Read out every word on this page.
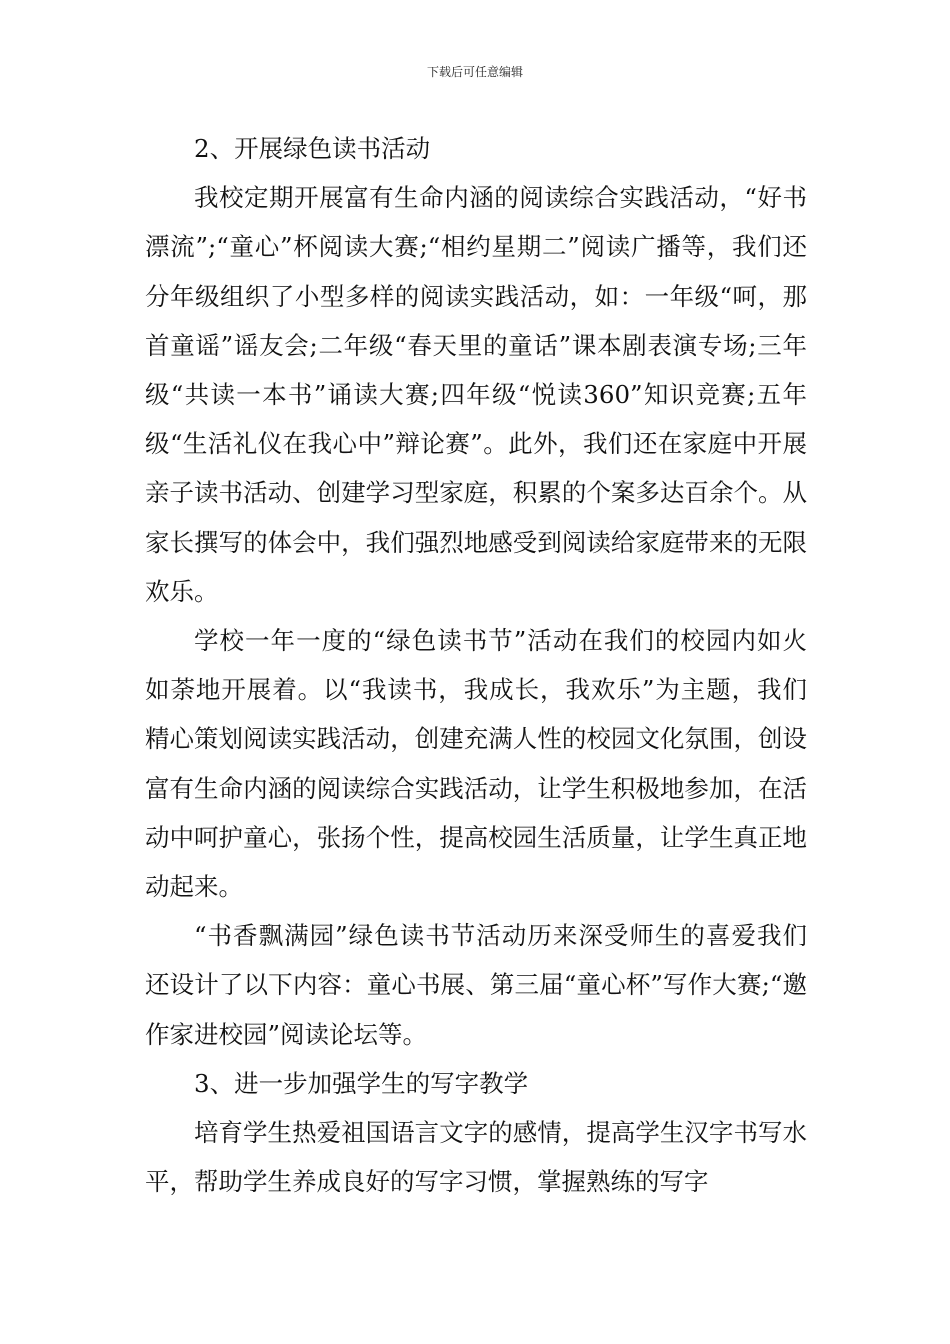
下载后可任意编辑

2、开展绿色读书活动

我校定期开展富有生命内涵的阅读综合实践活动，“好书漂流”;“童心”杯阅读大赛;“相约星期二”阅读广播等，我们还分年级组织了小型多样的阅读实践活动，如：一年级“呵，那首童谣”谣友会;二年级“春天里的童话”课本剧表演专场;三年级“共读一本书”诵读大赛;四年级“悦读360”知识竞赛;五年级“生活礼仪在我心中”辩论赛”。此外，我们还在家庭中开展亲子读书活动、创建学习型家庭，积累的个案多达百余个。从家长撰写的体会中，我们强烈地感受到阅读给家庭带来的无限欢乐。

学校一年一度的“绿色读书节”活动在我们的校园内如火如荼地开展着。以“我读书，我成长，我欢乐”为主题，我们精心策划阅读实践活动，创建充满人性的校园文化氛围，创设富有生命内涵的阅读综合实践活动，让学生积极地参加，在活动中呵护童心，张扬个性，提高校园生活质量，让学生真正地动起来。

“书香飘满园”绿色读书节活动历来深受师生的喜爱我们还设计了以下内容：童心书展、第三届“童心杯”写作大赛;“邀作家进校园”阅读论坛等。

3、进一步加强学生的写字教学

培育学生热爱祖国语言文字的感情，提高学生汉字书写水平，帮助学生养成良好的写字习惯，掌握熟练的写字
